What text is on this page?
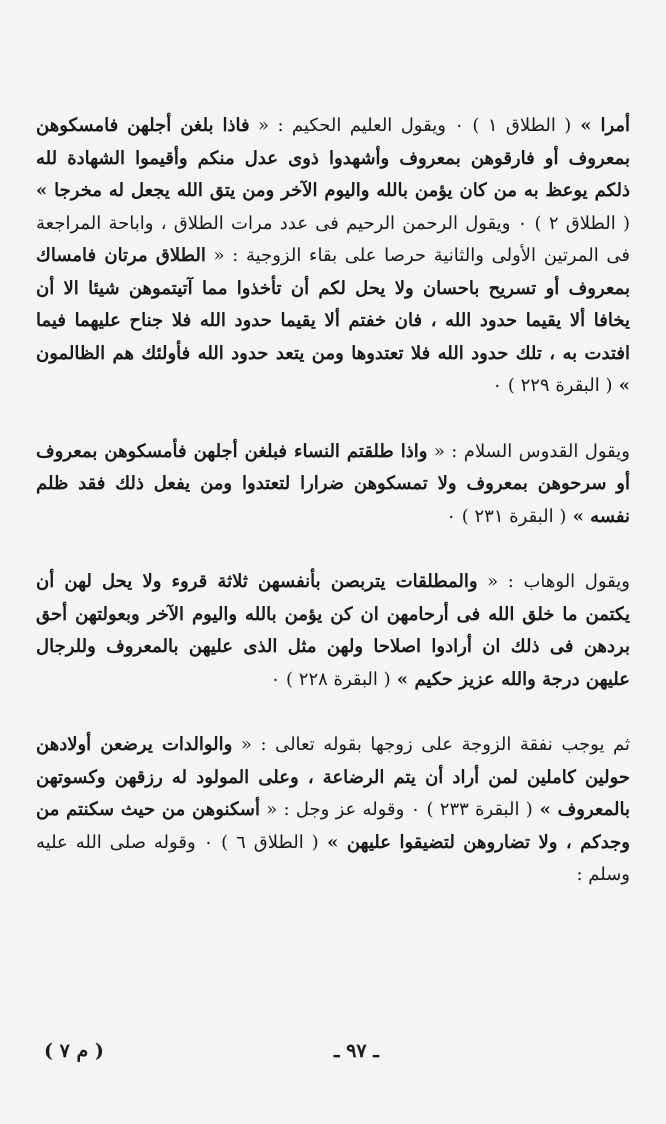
أمرا » ( الطلاق ١ ) ٠ ويقول العليم الحكيم : « فاذا بلغن أجلهن فامسكوهن بمعروف أو فارقوهن بمعروف وأشهدوا ذوى عدل منكم وأقيموا الشهادة لله ذلكم يوعظ به من كان يؤمن بالله واليوم الآخر ومن يتق الله يجعل له مخرجا » ( الطلاق ٢ ) ٠ ويقول الرحمن الرحيم فى عدد مرات الطلاق ، واباحة المراجعة فى المرتين الأولى والثانية حرصا على بقاء الزوجية : « الطلاق مرتان فامساك بمعروف أو تسريح باحسان ولا يحل لكم أن تأخذوا مما آتيتموهن شيئا الا أن يخافا ألا يقيما حدود الله ، فان خفتم ألا يقيما حدود الله فلا جناح عليهما فيما افتدت به ، تلك حدود الله فلا تعتدوها ومن يتعد حدود الله فأولئك هم الظالمون » ( البقرة ٢٢٩ ) ٠

ويقول القدوس السلام : « واذا طلقتم النساء فبلغن أجلهن فأمسكوهن بمعروف أو سرحوهن بمعروف ولا تمسكوهن ضرارا لتعتدوا ومن يفعل ذلك فقد ظلم نفسه » ( البقرة ٢٣١ ) ٠

ويقول الوهاب : « والمطلقات يتربصن بأنفسهن ثلاثة قروء ولا يحل لهن أن يكتمن ما خلق الله فى أرحامهن ان كن يؤمن بالله واليوم الآخر وبعولتهن أحق بردهن فى ذلك ان أرادوا اصلاحا ولهن مثل الذى عليهن بالمعروف وللرجال عليهن درجة والله عزيز حكيم » ( البقرة ٢٢٨ ) ٠

ثم يوجب نفقة الزوجة على زوجها بقوله تعالى : « والوالدات يرضعن أولادهن حولين كاملين لمن أراد أن يتم الرضاعة ، وعلى المولود له رزقهن وكسوتهن بالمعروف » ( البقرة ٢٣٣ ) ٠ وقوله عز وجل : « أسكنوهن من حيث سكنتم من وجدكم ، ولا تضاروهن لتضيقوا عليهن » ( الطلاق ٦ ) ٠ وقوله صلى الله عليه وسلم :

( م ٧ )	ـ ٩٧ ـ
